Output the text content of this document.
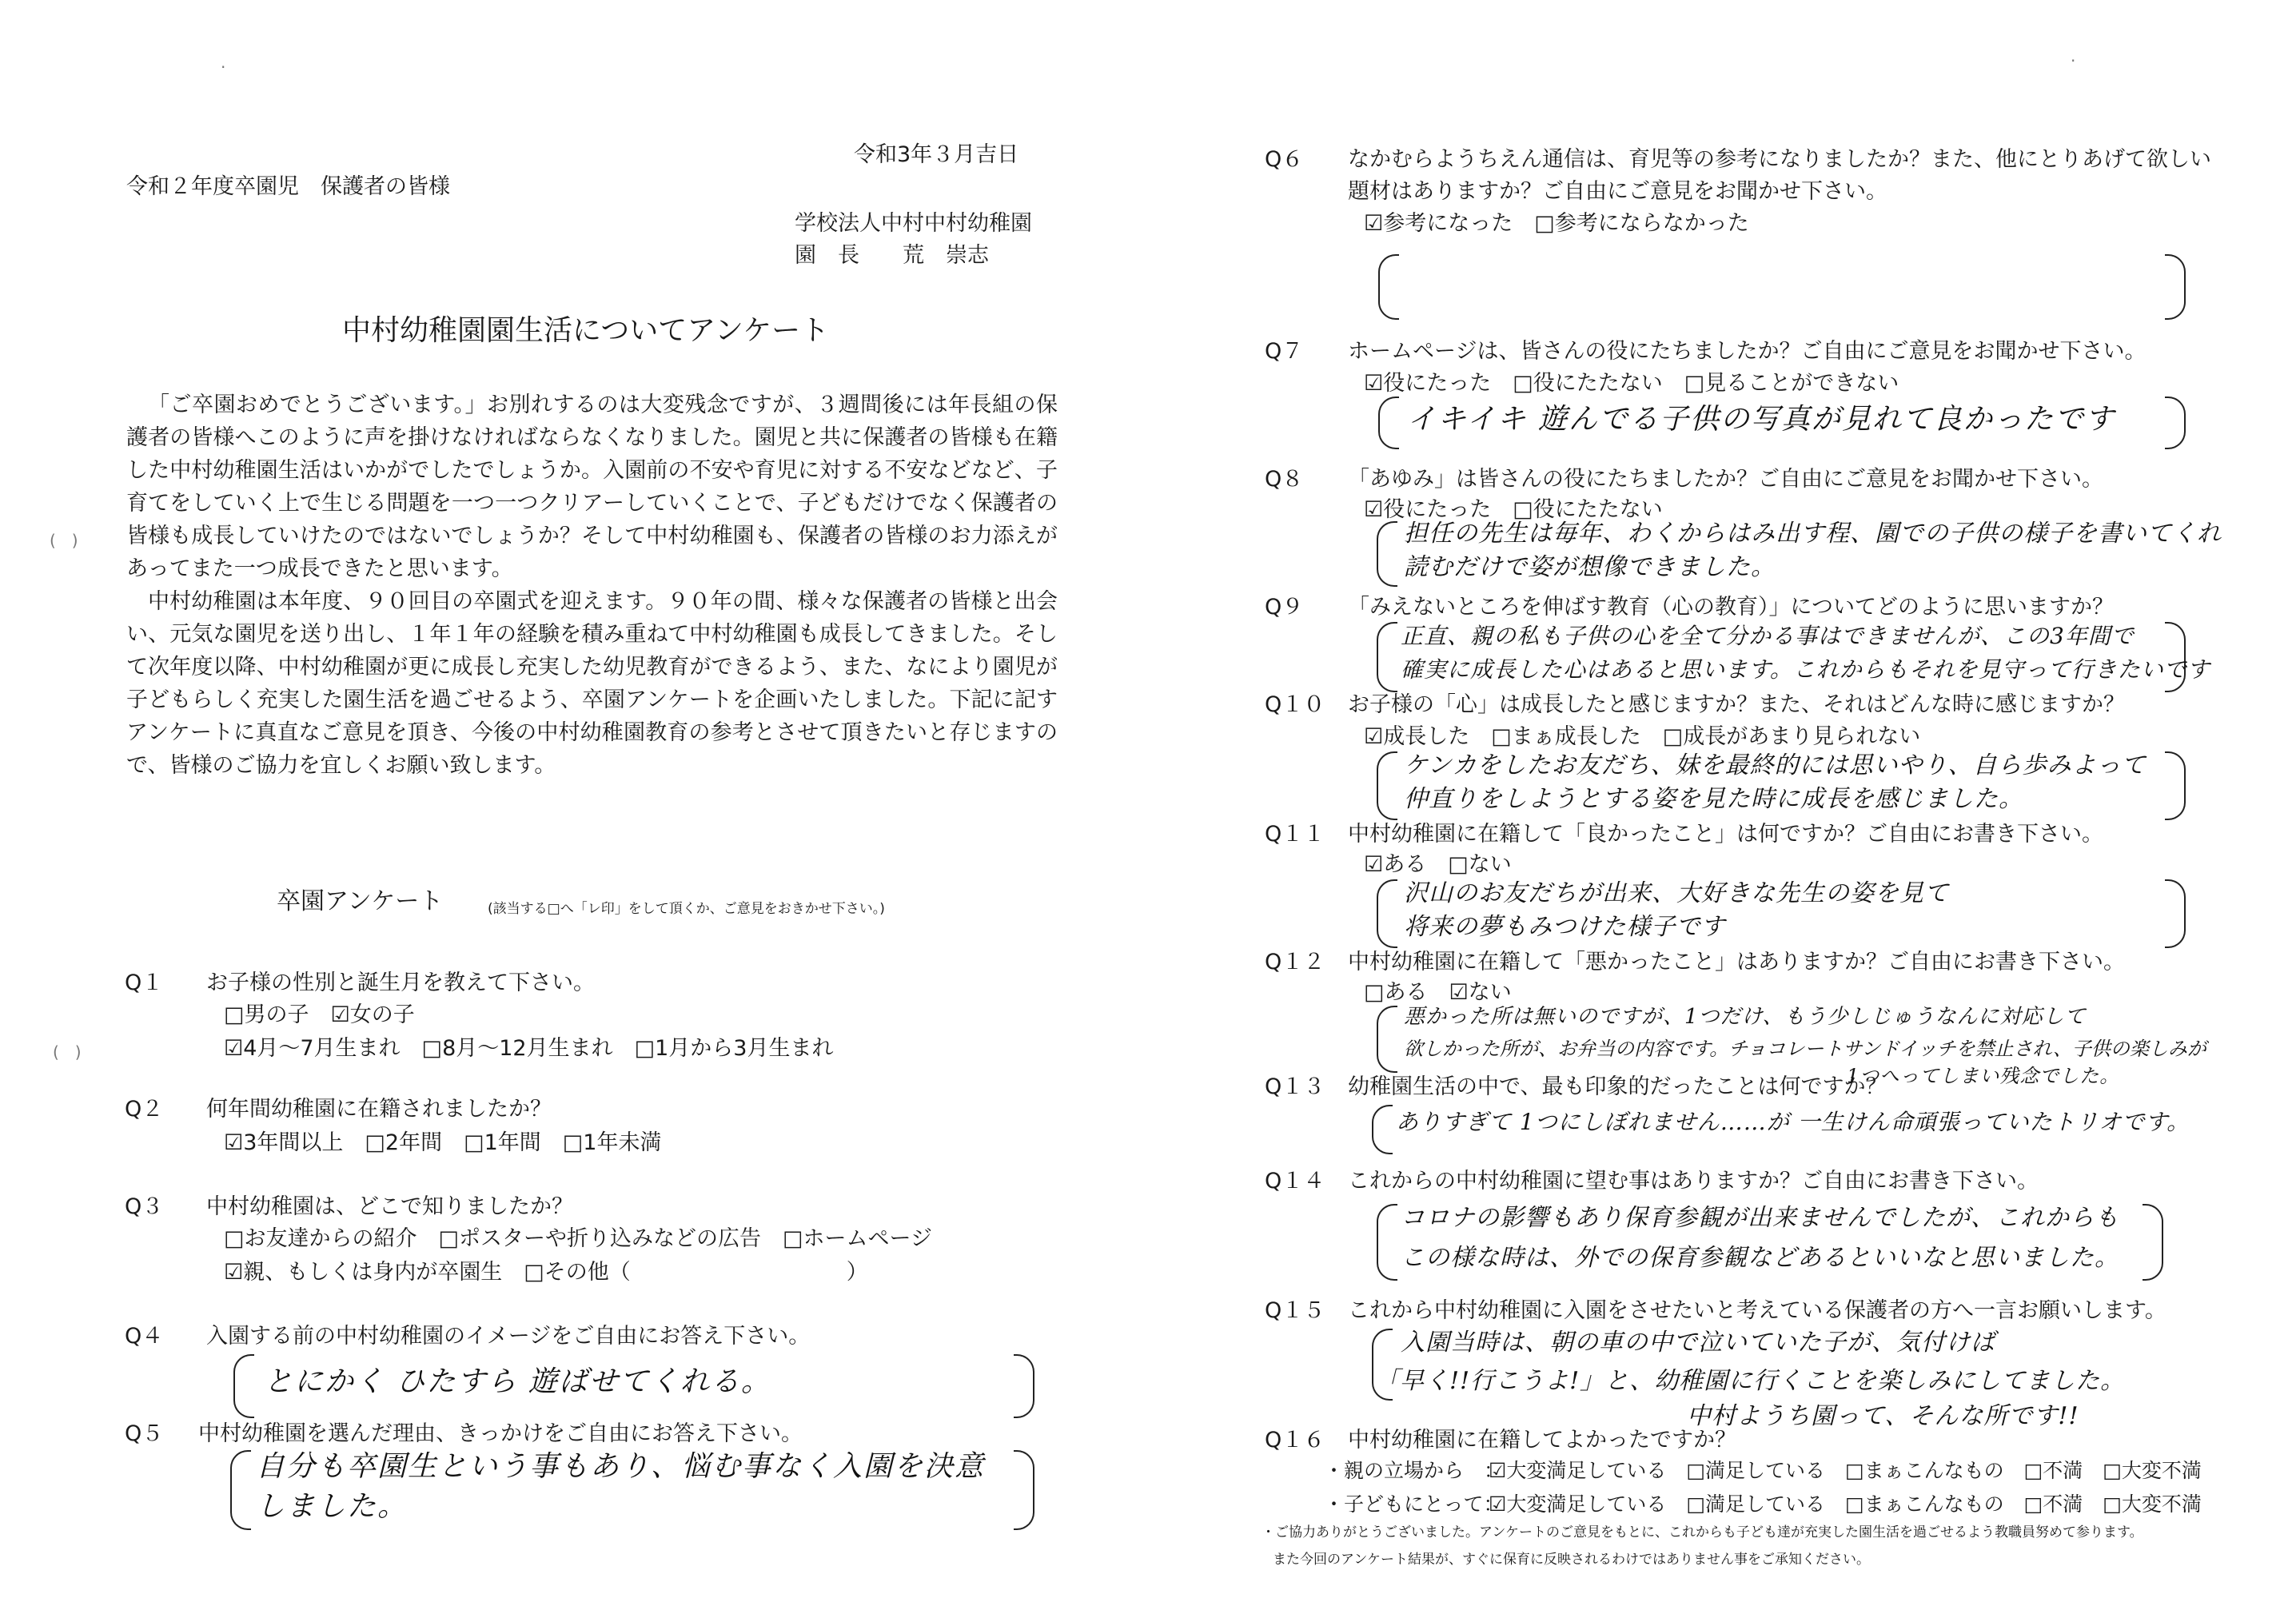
·	·
(　)
(　)
令和3年３月吉日
令和２年度卒園児　保護者の皆様
学校法人中村中村幼稚園
園　長　　荒　崇志
中村幼稚園園生活についてアンケート

「ご卒園おめでとうございます。」お別れするのは大変残念ですが、３週間後には年長組の保護者の皆様へこのように声を掛けなければならなくなりました。園児と共に保護者の皆様も在籍した中村幼稚園生活はいかがでしたでしょうか。入園前の不安や育児に対する不安などなど、子育てをしていく上で生じる問題を一つ一つクリアーしていくことで、子どもだけでなく保護者の皆様も成長していけたのではないでしょうか？そして中村幼稚園も、保護者の皆様のお力添えがあってまた一つ成長できたと思います。

中村幼稚園は本年度、９０回目の卒園式を迎えます。９０年の間、様々な保護者の皆様と出会い、元気な園児を送り出し、１年１年の経験を積み重ねて中村幼稚園も成長してきました。そして次年度以降、中村幼稚園が更に成長し充実した幼児教育ができるよう、また、なにより園児が子どもらしく充実した園生活を過ごせるよう、卒園アンケートを企画いたしました。下記に記すアンケートに真直なご意見を頂き、今後の中村幼稚園教育の参考とさせて頂きたいと存じますので、皆様のご協力を宜しくお願い致します。

卒園アンケート	(該当する□へ「レ印」をして頂くか、ご意見をおきかせ下さい。)
Q１ お子様の性別と誕生月を教えて下さい。
□男の子　☑女の子
☑4月～7月生まれ　□8月～12月生まれ　□1月から3月生まれ
Q２ 何年間幼稚園に在籍されましたか？
☑3年間以上　□2年間　□1年間　□1年未満
Q３ 中村幼稚園は、どこで知りましたか？
□お友達からの紹介　□ポスターや折り込みなどの広告　□ホームページ
☑親、もしくは身内が卒園生　□その他（　　　　　　　　　　）
Q４ 入園する前の中村幼稚園のイメージをご自由にお答え下さい。
とにかく ひたすら 遊ばせてくれる。
Q５ 中村幼稚園を選んだ理由、きっかけをご自由にお答え下さい。
自分も卒園生という事もあり、悩む事なく入園を決意
しました。
Q６ なかむらようちえん通信は、育児等の参考になりましたか？また、他にとりあげて欲しい
題材はありますか？ご自由にご意見をお聞かせ下さい。
☑参考になった　□参考にならなかった
Q７ ホームページは、皆さんの役にたちましたか？ご自由にご意見をお聞かせ下さい。
☑役にたった　□役にたたない　□見ることができない
イキイキ 遊んでる子供の写真が見れて良かったです
Q８ 「あゆみ」は皆さんの役にたちましたか？ご自由にご意見をお聞かせ下さい。
☑役にたった　□役にたたない
担任の先生は毎年、わくからはみ出す程、園での子供の様子を書いてくれ
読むだけで姿が想像できました。
Q９ 「みえないところを伸ばす教育（心の教育）」についてどのように思いますか？
正直、親の私も子供の心を全て分かる事はできませんが、この3年間で
確実に成長した心はあると思います。これからもそれを見守って行きたいです
Q１０ お子様の「心」は成長したと感じますか？また、それはどんな時に感じますか？
☑成長した　□まぁ成長した　□成長があまり見られない
ケンカをしたお友だち、妹を最終的には思いやり、自ら歩みよって
仲直りをしようとする姿を見た時に成長を感じました。
Q１１ 中村幼稚園に在籍して「良かったこと」は何ですか？ご自由にお書き下さい。
☑ある　□ない
沢山のお友だちが出来、大好きな先生の姿を見て
将来の夢もみつけた様子です
Q１２ 中村幼稚園に在籍して「悪かったこと」はありますか？ご自由にお書き下さい。
□ある　☑ない
悪かった所は無いのですが、1つだけ、もう少しじゅうなんに対応して
欲しかった所が、お弁当の内容です。チョコレートサンドイッチを禁止され、子供の楽しみが
1つへってしまい残念でした。
Q１３ 幼稚園生活の中で、最も印象的だったことは何ですか？
ありすぎて 1つにしぼれません……が 一生けん命頑張っていたトリオです。
Q１４ これからの中村幼稚園に望む事はありますか？ご自由にお書き下さい。
コロナの影響もあり保育参観が出来ませんでしたが、これからも
この様な時は、外での保育参観などあるといいなと思いました。
Q１５ これから中村幼稚園に入園をさせたいと考えている保護者の方へ一言お願いします。
入園当時は、朝の車の中で泣いていた子が、気付けば
「早く!!行こうよ!」と、幼稚園に行くことを楽しみにしてました。
中村ようち園って、そんな所です!!
Q１６ 中村幼稚園に在籍してよかったですか？
・親の立場から　：
☑大変満足している　□満足している　□まぁこんなもの　□不満　□大変不満
・子どもにとって：
☑大変満足している　□満足している　□まぁこんなもの　□不満　□大変不満
・ご協力ありがとうございました。アンケートのご意見をもとに、これからも子ども達が充実した園生活を過ごせるよう教職員努めて参ります。
また今回のアンケート結果が、すぐに保育に反映されるわけではありません事をご承知ください。
